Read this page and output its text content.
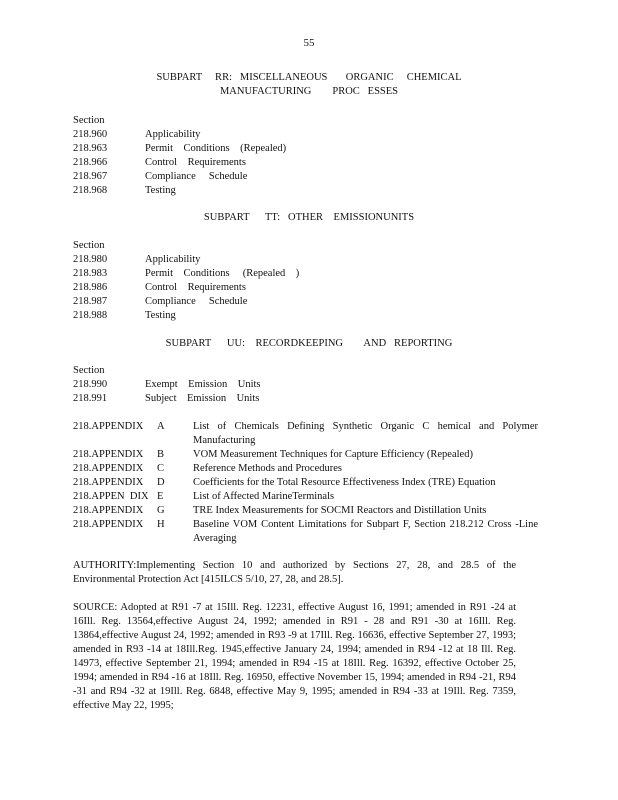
55
SUBPART     RR:   MISCELLANEOUS       ORGANIC     CHEMICAL
MANUFACTURING        PROC   ESSES
Section
218.960	Applicability
218.963	Permit    Conditions    (Repealed)
218.966	Control    Requirements
218.967	Compliance     Schedule
218.968	Testing
SUBPART      TT:   OTHER    EMISSIONUNITS
Section
218.980	Applicability
218.983	Permit    Conditions     (Repealed    )
218.986	Control    Requirements
218.987	Compliance     Schedule
218.988	Testing
SUBPART      UU:    RECORDKEEPING        AND   REPORTING
Section
218.990	Exempt    Emission    Units
218.991	Subject    Emission    Units
218.APPENDIX A	List of Chemicals Defining Synthetic Organic C hemical and Polymer Manufacturing
218.APPENDIX B	VOM Measurement Techniques for Capture Efficiency (Repealed)
218.APPENDIX C	Reference Methods and Procedures
218.APPENDIX D	Coefficients for the Total Resource Effectiveness Index (TRE) Equation
218.APPEN  DIX E	List of Affected MarineTerminals
218.APPENDIX G	TRE Index Measurements for SOCMI Reactors and Distillation Units
218.APPENDIX H	Baseline VOM Content Limitations for Subpart F, Section 218.212 Cross -Line Averaging
AUTHORITY:Implementing Section 10 and authorized by Sections 27, 28, and 28.5 of the Environmental Protection Act [415ILCS 5/10, 27, 28, and 28.5].
SOURCE: Adopted at R91 -7 at 15Ill. Reg. 12231, effective August 16, 1991; amended in R91 -24 at 16Ill. Reg. 13564,effective August 24, 1992; amended in R91 - 28 and R91 -30 at 16Ill. Reg. 13864,effective August 24, 1992; amended in R93 -9 at 17Ill. Reg. 16636, effective September 27, 1993; amended in R93 -14 at 18Ill.Reg. 1945,effective January 24, 1994; amended in R94 -12 at 18 Ill. Reg. 14973, effective September 21, 1994; amended in R94 -15 at 18Ill. Reg. 16392, effective October 25, 1994; amended in R94 -16 at 18Ill. Reg. 16950, effective November 15, 1994; amended in R94 -21, R94 -31 and R94 -32 at 19Ill. Reg. 6848, effective May 9, 1995; amended in R94 -33 at 19Ill. Reg. 7359, effective May 22, 1995;
